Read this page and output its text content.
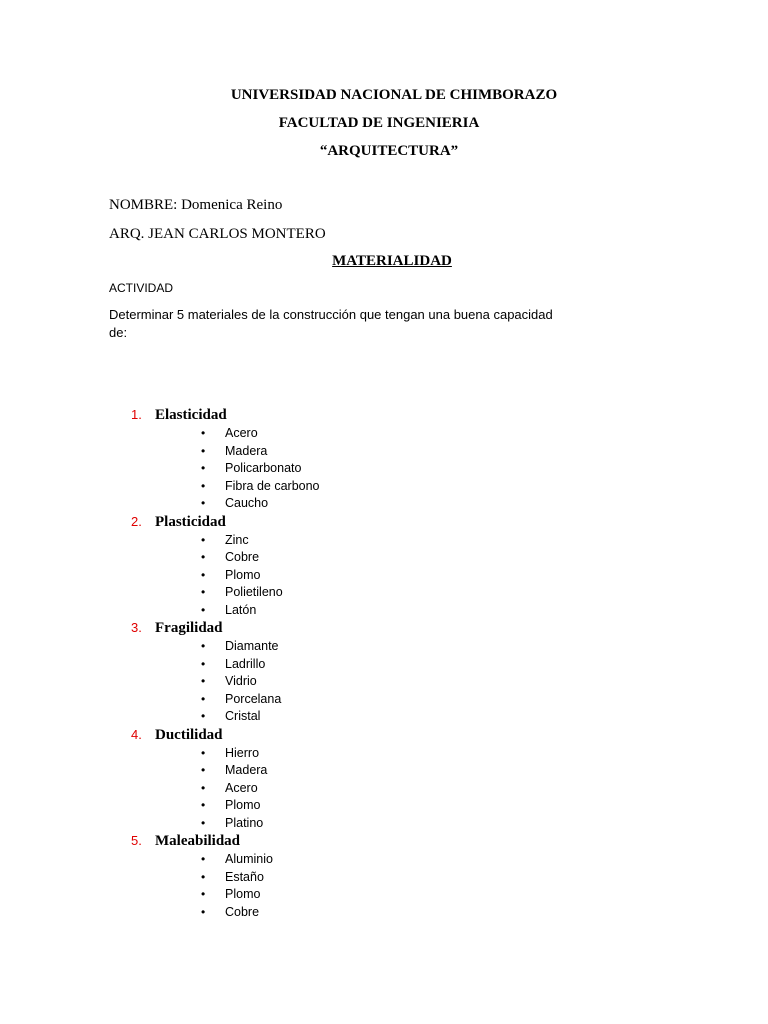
UNIVERSIDAD NACIONAL DE CHIMBORAZO
FACULTAD DE INGENIERIA
“ARQUITECTURA”
NOMBRE: Domenica Reino
ARQ. JEAN CARLOS MONTERO
MATERIALIDAD
ACTIVIDAD
Determinar 5 materiales de la construcción que tengan una buena capacidad de:
1. Elasticidad
• Acero
• Madera
• Policarbonato
• Fibra de carbono
• Caucho
2. Plasticidad
• Zinc
• Cobre
• Plomo
• Polietileno
• Latón
3. Fragilidad
• Diamante
• Ladrillo
• Vidrio
• Porcelana
• Cristal
4. Ductilidad
• Hierro
• Madera
• Acero
• Plomo
• Platino
5. Maleabilidad
• Aluminio
• Estaño
• Plomo
• Cobre
